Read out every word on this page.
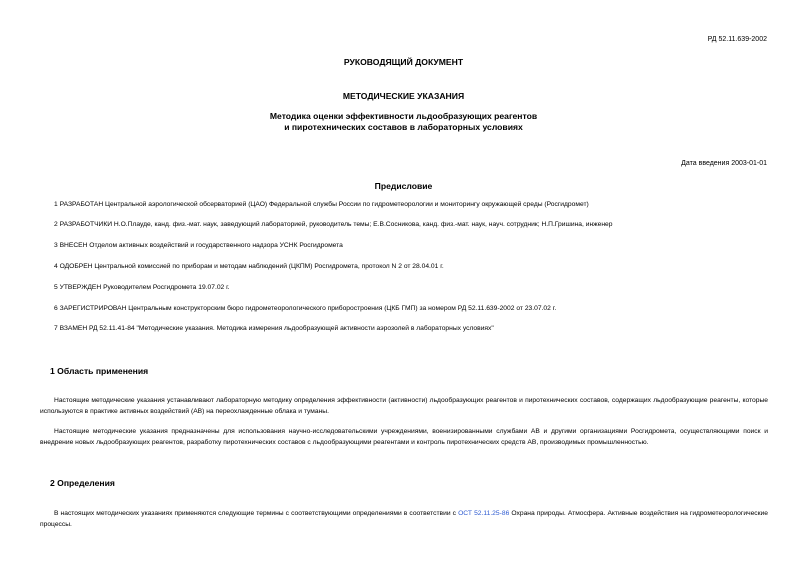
РД 52.11.639-2002
РУКОВОДЯЩИЙ ДОКУМЕНТ
МЕТОДИЧЕСКИЕ УКАЗАНИЯ
Методика оценки эффективности льдообразующих реагентов
и пиротехнических составов в лабораторных условиях
Дата введения 2003-01-01
Предисловие
1 РАЗРАБОТАН Центральной аэрологической обсерваторией (ЦАО) Федеральной службы России по гидрометеорологии и мониторингу окружающей среды (Росгидромет)
2 РАЗРАБОТЧИКИ Н.О.Плауде, канд. физ.-мат. наук, заведующий лабораторией, руководитель темы; Е.В.Сосникова, канд. физ.-мат. наук, науч. сотрудник; Н.П.Гришина, инженер
3 ВНЕСЕН Отделом активных воздействий и государственного надзора УСНК Росгидромета
4 ОДОБРЕН Центральной комиссией по приборам и методам наблюдений (ЦКПМ) Росгидромета, протокол N 2 от 28.04.01 г.
5 УТВЕРЖДЕН Руководителем Росгидромета 19.07.02 г.
6 ЗАРЕГИСТРИРОВАН Центральным конструкторским бюро гидрометеорологического приборостроения (ЦКБ ГМП) за номером РД 52.11.639-2002 от 23.07.02 г.
7 ВЗАМЕН РД 52.11.41-84 "Методические указания. Методика измерения льдообразующей активности аэрозолей в лабораторных условиях"
1 Область применения
Настоящие методические указания устанавливают лабораторную методику определения эффективности (активности) льдообразующих реагентов и пиротехнических составов, содержащих льдообразующие реагенты, которые используются в практике активных воздействий (АВ) на переохлажденные облака и туманы.
Настоящие методические указания предназначены для использования научно-исследовательскими учреждениями, военизированными службами АВ и другими организациями Росгидромета, осуществляющими поиск и внедрение новых льдообразующих реагентов, разработку пиротехнических составов с льдообразующими реагентами и контроль пиротехнических средств АВ, производимых промышленностью.
2 Определения
В настоящих методических указаниях применяются следующие термины с соответствующими определениями в соответствии с ОСТ 52.11.25-86 Охрана природы. Атмосфера. Активные воздействия на гидрометеорологические процессы.
